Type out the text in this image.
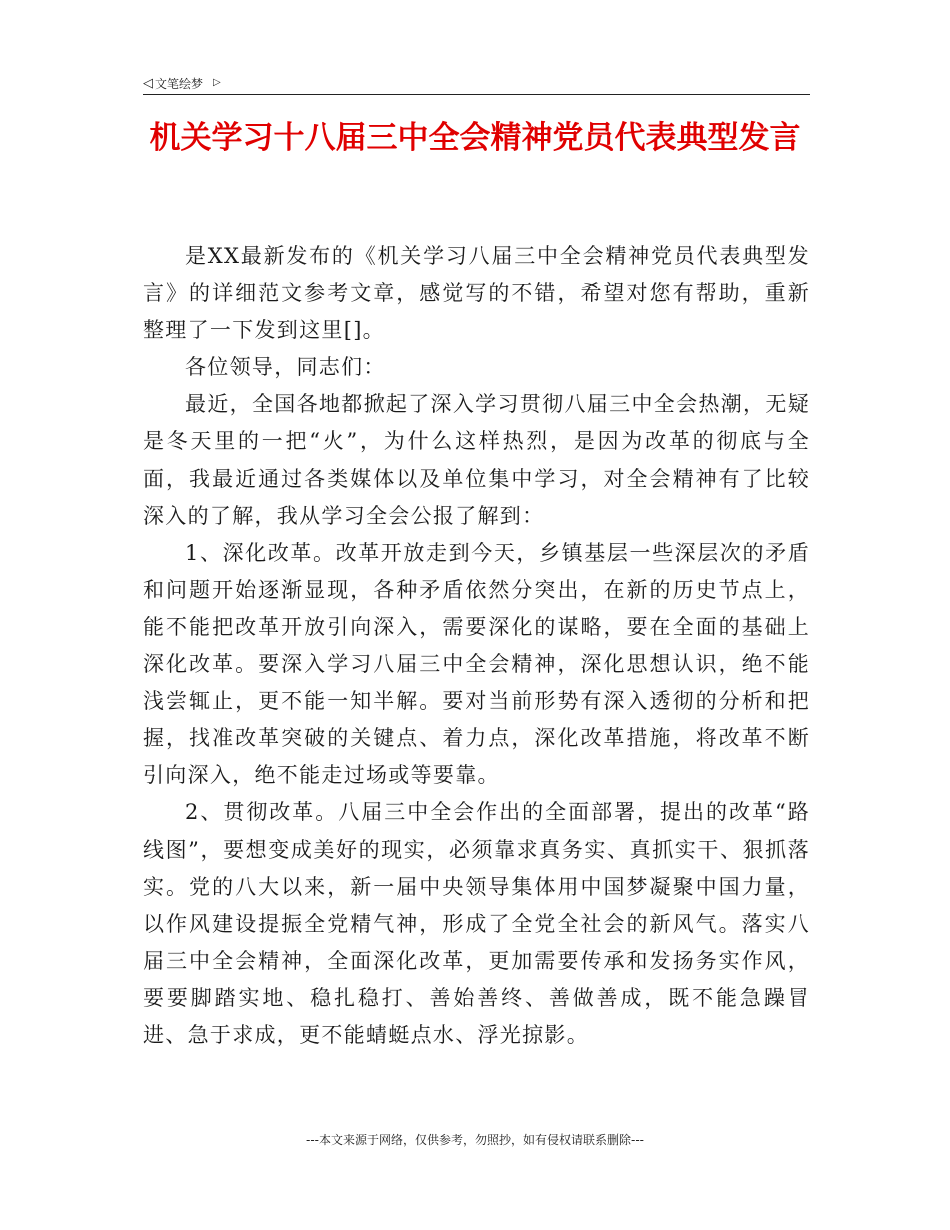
◁ 文笔绘梦 ▷
机关学习十八届三中全会精神党员代表典型发言

是XX最新发布的《机关学习八届三中全会精神党员代表典型发言》的详细范文参考文章，感觉写的不错，希望对您有帮助，重新整理了一下发到这里[]。

各位领导，同志们：

最近，全国各地都掀起了深入学习贯彻八届三中全会热潮，无疑是冬天里的一把“火”，为什么这样热烈，是因为改革的彻底与全面，我最近通过各类媒体以及单位集中学习，对全会精神有了比较深入的了解，我从学习全会公报了解到：

1、深化改革。改革开放走到今天，乡镇基层一些深层次的矛盾和问题开始逐渐显现，各种矛盾依然分突出，在新的历史节点上，能不能把改革开放引向深入，需要深化的谋略，要在全面的基础上深化改革。要深入学习八届三中全会精神，深化思想认识，绝不能浅尝辄止，更不能一知半解。要对当前形势有深入透彻的分析和把握，找准改革突破的关键点、着力点，深化改革措施，将改革不断引向深入，绝不能走过场或等要靠。

2、贯彻改革。八届三中全会作出的全面部署，提出的改革“路线图”，要想变成美好的现实，必须靠求真务实、真抓实干、狠抓落实。党的八大以来，新一届中央领导集体用中国梦凝聚中国力量，以作风建设提振全党精气神，形成了全党全社会的新风气。落实八届三中全会精神，全面深化改革，更加需要传承和发扬务实作风，要要脚踏实地、稳扎稳打、善始善终、善做善成，既不能急躁冒进、急于求成，更不能蜻蜓点水、浮光掠影。

---本文来源于网络，仅供参考，勿照抄，如有侵权请联系删除---
